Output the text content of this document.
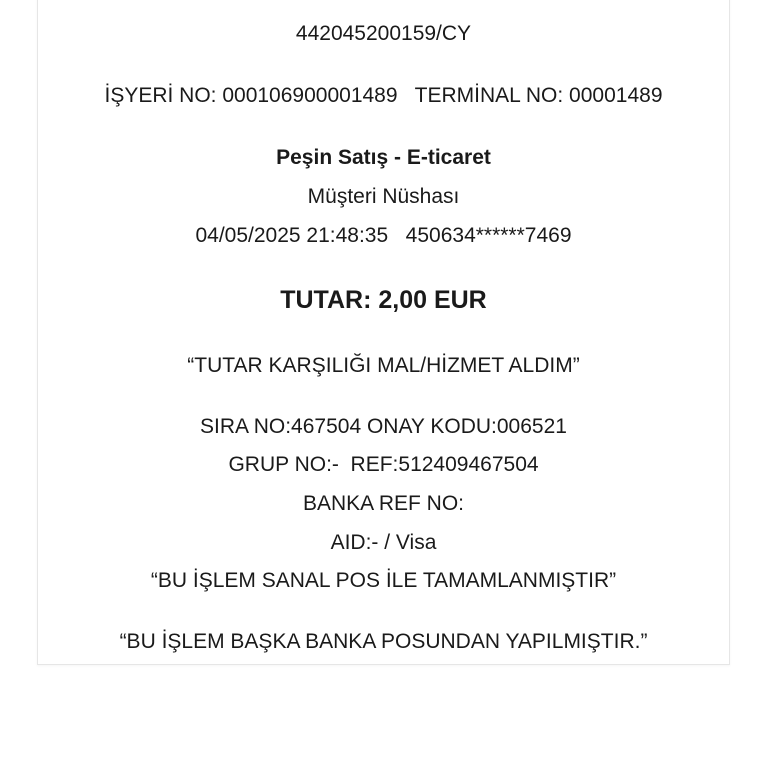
442045200159/CY
İŞYERİ NO: 000106900001489   TERMİNAL NO: 00001489
Peşin Satış - E-ticaret
Müşteri Nüshası
04/05/2025 21:48:35   450634******7469
TUTAR: 2,00 EUR
“TUTAR KARŞILIĞI MAL/HİZMET ALDIM”
SIRA NO:467504 ONAY KODU:006521
GRUP NO:-  REF:512409467504
BANKA REF NO:
AID:- / Visa
“BU İŞLEM SANAL POS İLE TAMAMLANMIŞTIR”
“BU İŞLEM BAŞKA BANKA POSUNDAN YAPILMIŞTIR.”
